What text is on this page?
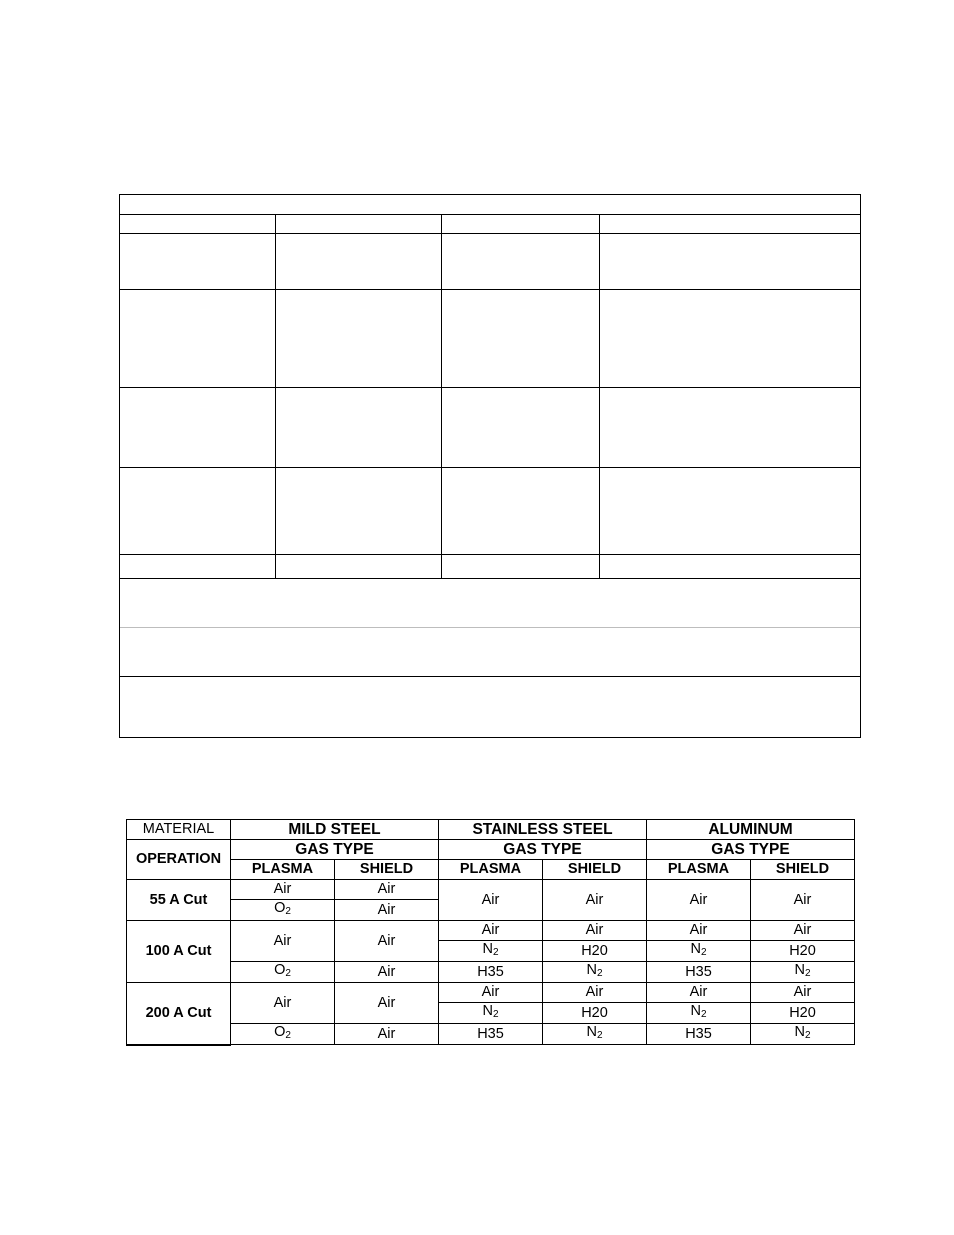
MATERIAL	MILD STEEL		STAINLESS STEEL		ALUMINUM	
OPERATION	GAS TYPE		GAS TYPE		GAS TYPE	
	PLASMA	SHIELD	PLASMA	SHIELD	PLASMA	SHIELD
55 A Cut	Air	Air	Air	Air	Air	Air
	O2	Air				
100 A Cut	Air	Air	Air	Air	Air	Air
			N2	H20	N2	H20
	O2	Air	H35	N2	H35	N2
200 A Cut	Air	Air	Air	Air	Air	Air
			N2	H20	N2	H20
	O2	Air	H35	N2	H35	N2
